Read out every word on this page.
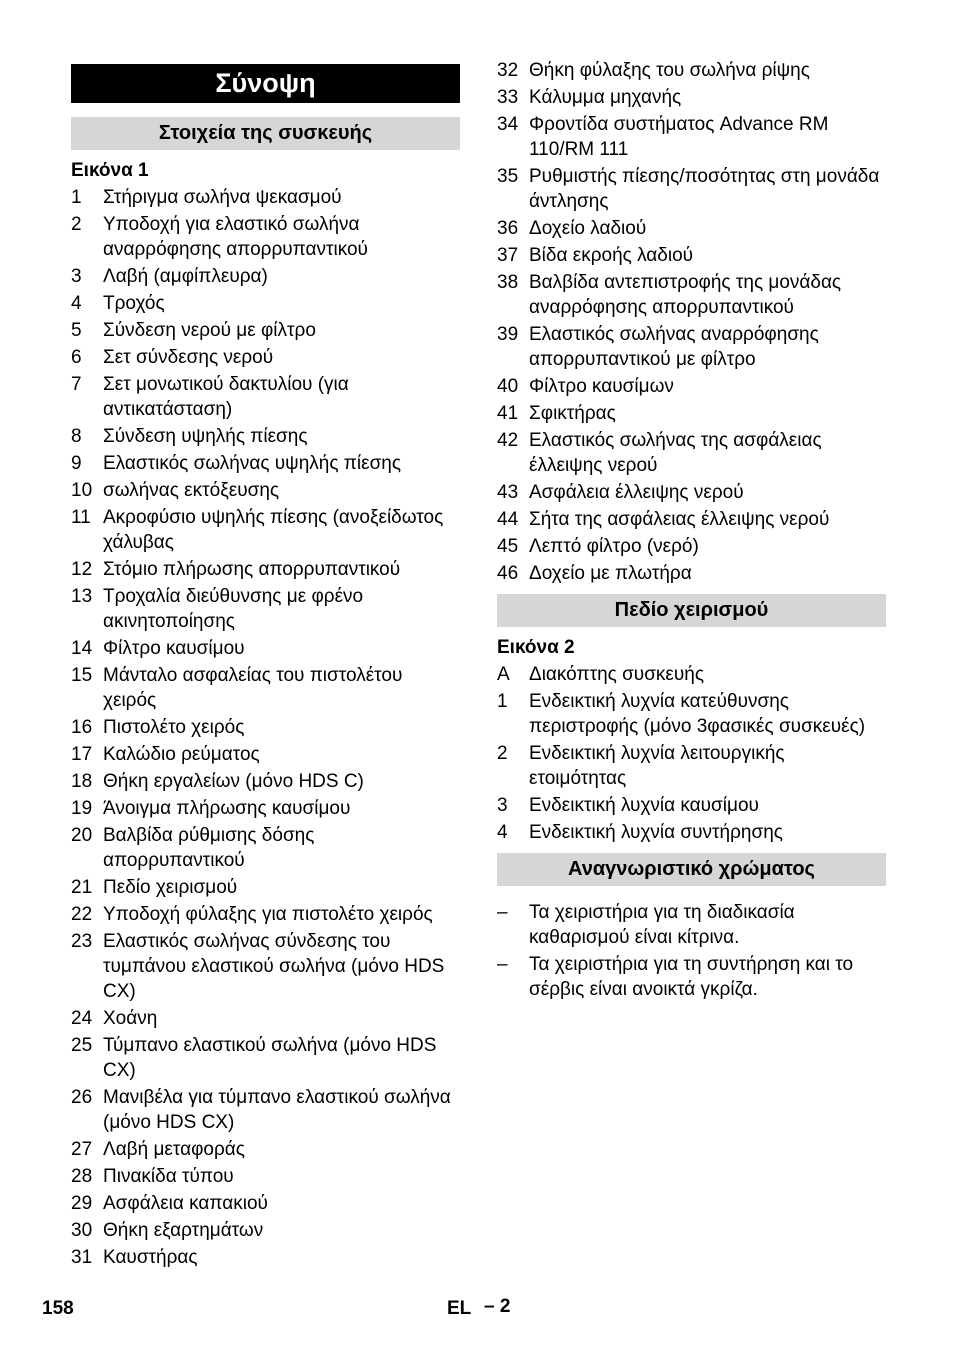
Σύνοψη
Στοιχεία της συσκευής
Εικόνα 1
1	Στήριγμα σωλήνα ψεκασμού
2	Υποδοχή για ελαστικό σωλήνα αναρρόφησης απορρυπαντικού
3	Λαβή (αμφίπλευρα)
4	Τροχός
5	Σύνδεση νερού με φίλτρο
6	Σετ σύνδεσης νερού
7	Σετ μονωτικού δακτυλίου (για αντικατάσταση)
8	Σύνδεση υψηλής πίεσης
9	Ελαστικός σωλήνας υψηλής πίεσης
10 σωλήνας εκτόξευσης
11 Ακροφύσιο υψηλής πίεσης (ανοξείδωτος χάλυβας
12 Στόμιο πλήρωσης απορρυπαντικού
13 Τροχαλία διεύθυνσης με φρένο ακινητοποίησης
14 Φίλτρο καυσίμου
15 Μάνταλο ασφαλείας του πιστολέτου χειρός
16 Πιστολέτο χειρός
17 Καλώδιο ρεύματος
18 Θήκη εργαλείων (μόνο HDS C)
19 Άνοιγμα πλήρωσης καυσίμου
20 Βαλβίδα ρύθμισης δόσης απορρυπαντικού
21 Πεδίο χειρισμού
22 Υποδοχή φύλαξης για πιστολέτο χειρός
23 Ελαστικός σωλήνας σύνδεσης του τυμπάνου ελαστικού σωλήνα (μόνο HDS CX)
24 Χοάνη
25 Τύμπανο ελαστικού σωλήνα (μόνο HDS CX)
26 Μανιβέλα για τύμπανο ελαστικού σωλήνα (μόνο HDS CX)
27 Λαβή μεταφοράς
28 Πινακίδα τύπου
29 Ασφάλεια καπακιού
30 Θήκη εξαρτημάτων
31 Καυστήρας
32 Θήκη φύλαξης του σωλήνα ρίψης
33 Κάλυμμα μηχανής
34 Φροντίδα συστήματος Advance RM 110/RM 111
35 Ρυθμιστής πίεσης/ποσότητας στη μονάδα άντλησης
36 Δοχείο λαδιού
37 Βίδα εκροής λαδιού
38 Βαλβίδα αντεπιστροφής της μονάδας αναρρόφησης απορρυπαντικού
39 Ελαστικός σωλήνας αναρρόφησης απορρυπαντικού με φίλτρο
40 Φίλτρο καυσίμων
41 Σφικτήρας
42 Ελαστικός σωλήνας της ασφάλειας έλλειψης νερού
43 Ασφάλεια έλλειψης νερού
44 Σήτα της ασφάλειας έλλειψης νερού
45 Λεπτό φίλτρο (νερό)
46 Δοχείο με πλωτήρα
Πεδίο χειρισμού
Εικόνα 2
A	Διακόπτης συσκευής
1	Ενδεικτική λυχνία κατεύθυνσης περιστροφής (μόνο 3φασικές συσκευές)
2	Ενδεικτική λυχνία λειτουργικής ετοιμότητας
3	Ενδεικτική λυχνία καυσίμου
4	Ενδεικτική λυχνία συντήρησης
Αναγνωριστικό χρώματος
–	Τα χειριστήρια για τη διαδικασία καθαρισμού είναι κίτρινα.
–	Τα χειριστήρια για τη συντήρηση και το σέρβις είναι ανοικτά γκρίζα.
158	EL – 2
